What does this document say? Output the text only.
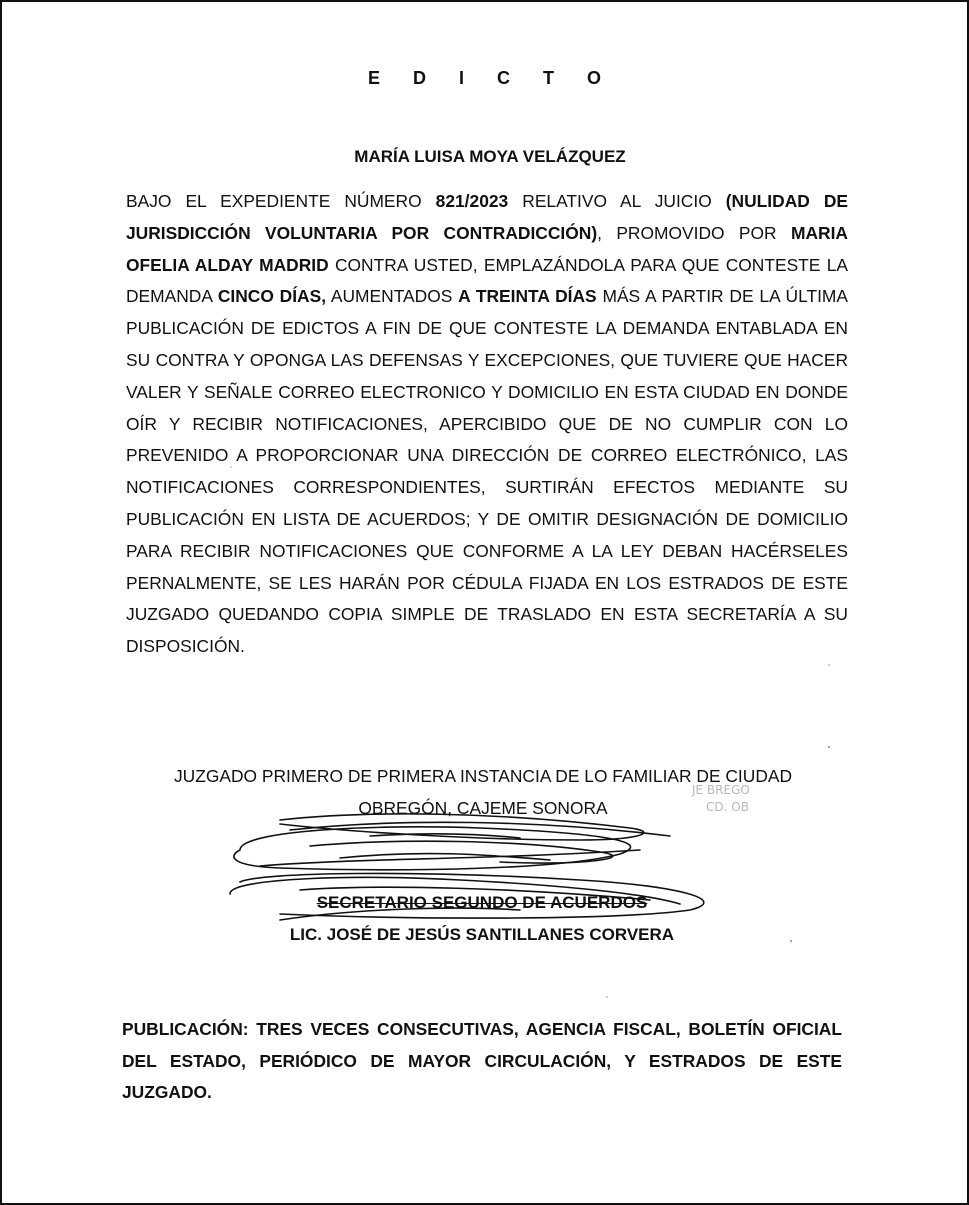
E D I C T O
MARÍA LUISA MOYA VELÁZQUEZ

BAJO EL EXPEDIENTE NÚMERO 821/2023 RELATIVO AL JUICIO (NULIDAD DE JURISDICCIÓN VOLUNTARIA POR CONTRADICCIÓN), PROMOVIDO POR MARIA OFELIA ALDAY MADRID CONTRA USTED, EMPLAZÁNDOLA PARA QUE CONTESTE LA DEMANDA CINCO DÍAS, AUMENTADOS A TREINTA DÍAS MÁS A PARTIR DE LA ÚLTIMA PUBLICACIÓN DE EDICTOS A FIN DE QUE CONTESTE LA DEMANDA ENTABLADA EN SU CONTRA Y OPONGA LAS DEFENSAS Y EXCEPCIONES, QUE TUVIERE QUE HACER VALER Y SEÑALE CORREO ELECTRONICO Y DOMICILIO EN ESTA CIUDAD EN DONDE OÍR Y RECIBIR NOTIFICACIONES, APERCIBIDO QUE DE NO CUMPLIR CON LO PREVENIDO A PROPORCIONAR UNA DIRECCIÓN DE CORREO ELECTRÓNICO, LAS NOTIFICACIONES CORRESPONDIENTES, SURTIRÁN EFECTOS MEDIANTE SU PUBLICACIÓN EN LISTA DE ACUERDOS; Y DE OMITIR DESIGNACIÓN DE DOMICILIO PARA RECIBIR NOTIFICACIONES QUE CONFORME A LA LEY DEBAN HACÉRSELES PERNALMENTE, SE LES HARÁN POR CÉDULA FIJADA EN LOS ESTRADOS DE ESTE JUZGADO QUEDANDO COPIA SIMPLE DE TRASLADO EN ESTA SECRETARÍA A SU DISPOSICIÓN.

JUZGADO PRIMERO DE PRIMERA INSTANCIA DE LO FAMILIAR DE CIUDAD
OBREGÓN, CAJEME SONORA
JE BREGO
CD. OB
SECRETARIO SEGUNDO DE ACUERDOS
LIC. JOSÉ DE JESÚS SANTILLANES CORVERA

PUBLICACIÓN: TRES VECES CONSECUTIVAS, AGENCIA FISCAL, BOLETÍN OFICIAL DEL ESTADO, PERIÓDICO DE MAYOR CIRCULACIÓN, Y ESTRADOS DE ESTE JUZGADO.
